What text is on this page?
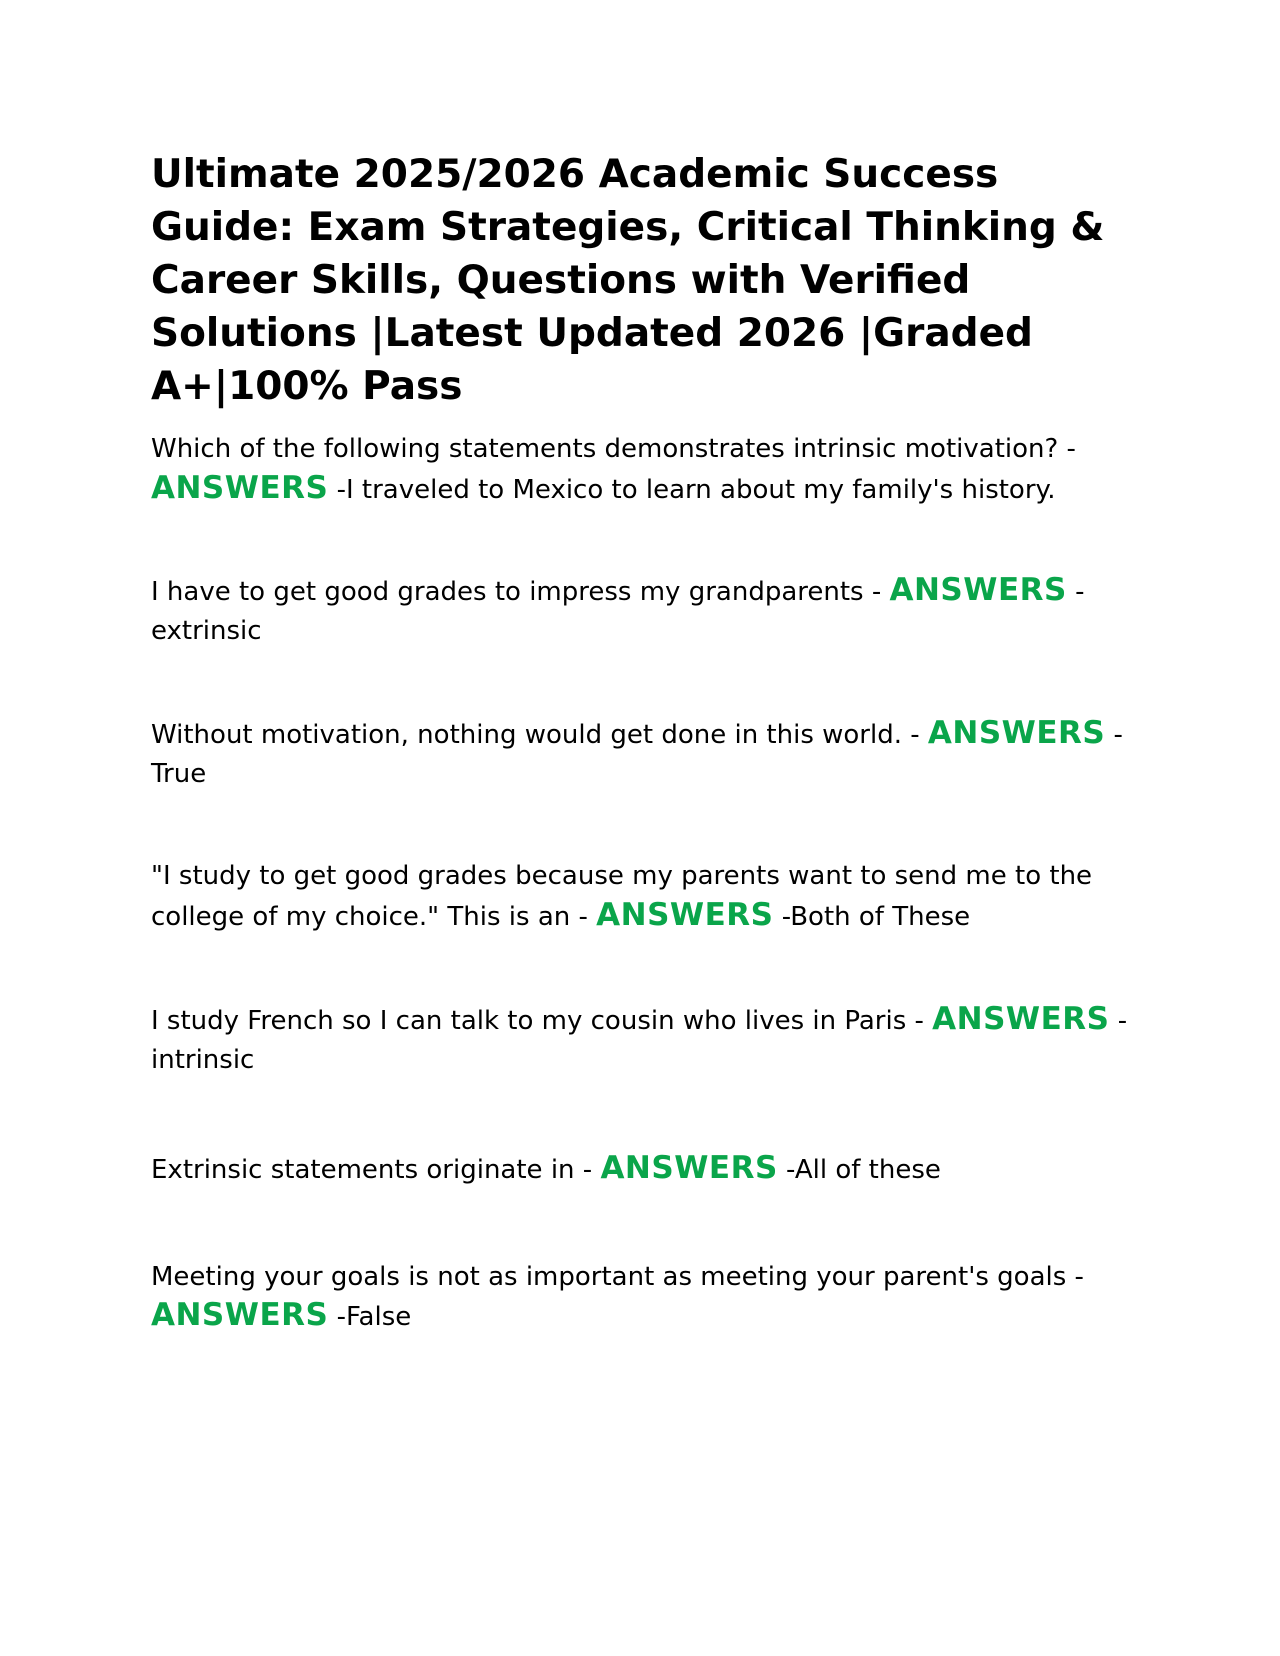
Ultimate 2025/2026 Academic Success Guide: Exam Strategies, Critical Thinking & Career Skills, Questions with Verified Solutions |Latest Updated 2026 |Graded A+|100% Pass

Which of the following statements demonstrates intrinsic motivation? - ANSWERS -I traveled to Mexico to learn about my family's history.

I have to get good grades to impress my grandparents - ANSWERS -extrinsic

Without motivation, nothing would get done in this world. - ANSWERS -True

"I study to get good grades because my parents want to send me to the college of my choice." This is an - ANSWERS -Both of These

I study French so I can talk to my cousin who lives in Paris - ANSWERS -intrinsic

Extrinsic statements originate in - ANSWERS -All of these

Meeting your goals is not as important as meeting your parent's goals - ANSWERS -False
